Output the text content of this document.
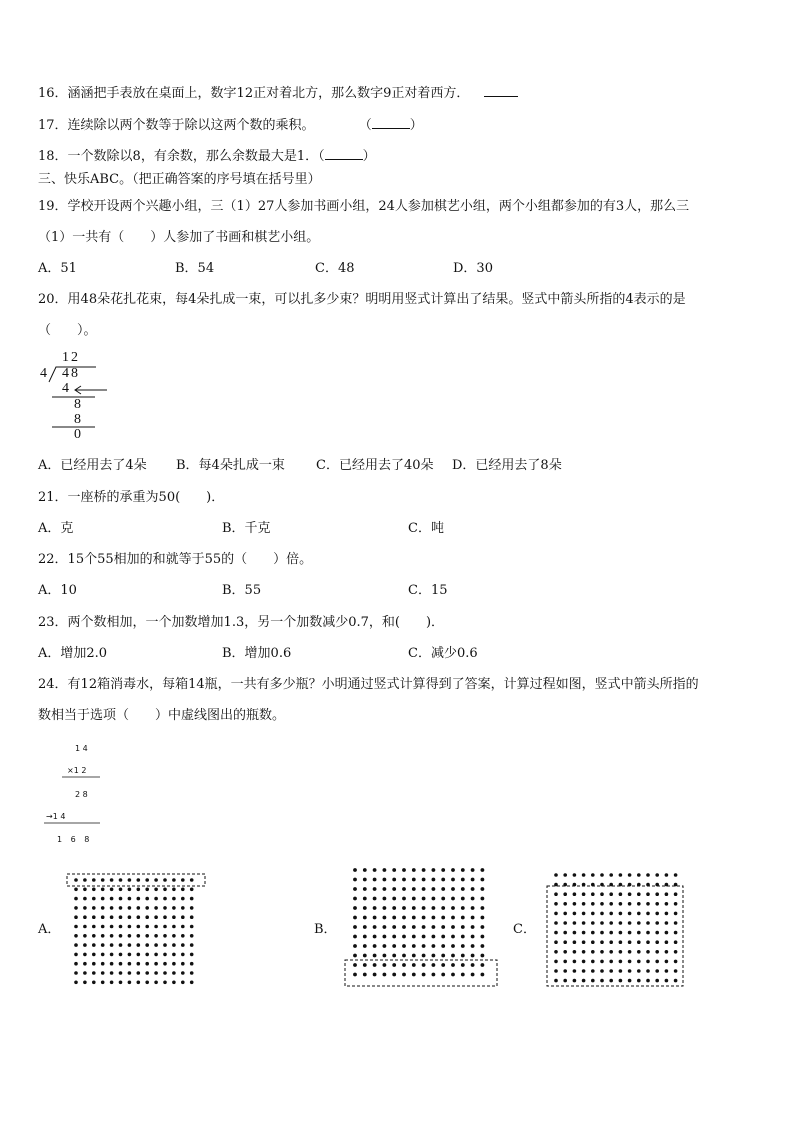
16．涵涵把手表放在桌面上，数字12正对着北方，那么数字9正对着西方．
17．连续除以两个数等于除以这两个数的乘积。	（	）
18．一个数除以8，有余数，那么余数最大是1．（	）
三、快乐ABC。（把正确答案的序号填在括号里）
19．学校开设两个兴趣小组，三（1）27人参加书画小组，24人参加棋艺小组，两个小组都参加的有3人，那么三
（1）一共有（　　）人参加了书画和棋艺小组。
A．51	B．54	C．48	D．30
20．用48朵花扎花束，每4朵扎成一束，可以扎多少束？明明用竖式计算出了结果。竖式中箭头所指的4表示的是
（　　）。
12
4 48
4
8
8
0
A．已经用去了4朵 B．每4朵扎成一束 C．已经用去了40朵 D．已经用去了8朵
21．一座桥的承重为50(　　)．
A．克	B．千克	C．吨
22．15个55相加的和就等于55的（　　）倍。
A．10	B．55	C．15
23．两个数相加，一个加数增加1.3，另一个加数减少0.7，和(　　)．
A．增加2.0	B．增加0.6	C．减少0.6
24．有12箱消毒水，每箱14瓶，一共有多少瓶？小明通过竖式计算得到了答案，计算过程如图，竖式中箭头所指的
数相当于选项（　　）中虚线图出的瓶数。
1 4
×1 2
2 8
→1 4
1 6 8
A．	B．	C．
